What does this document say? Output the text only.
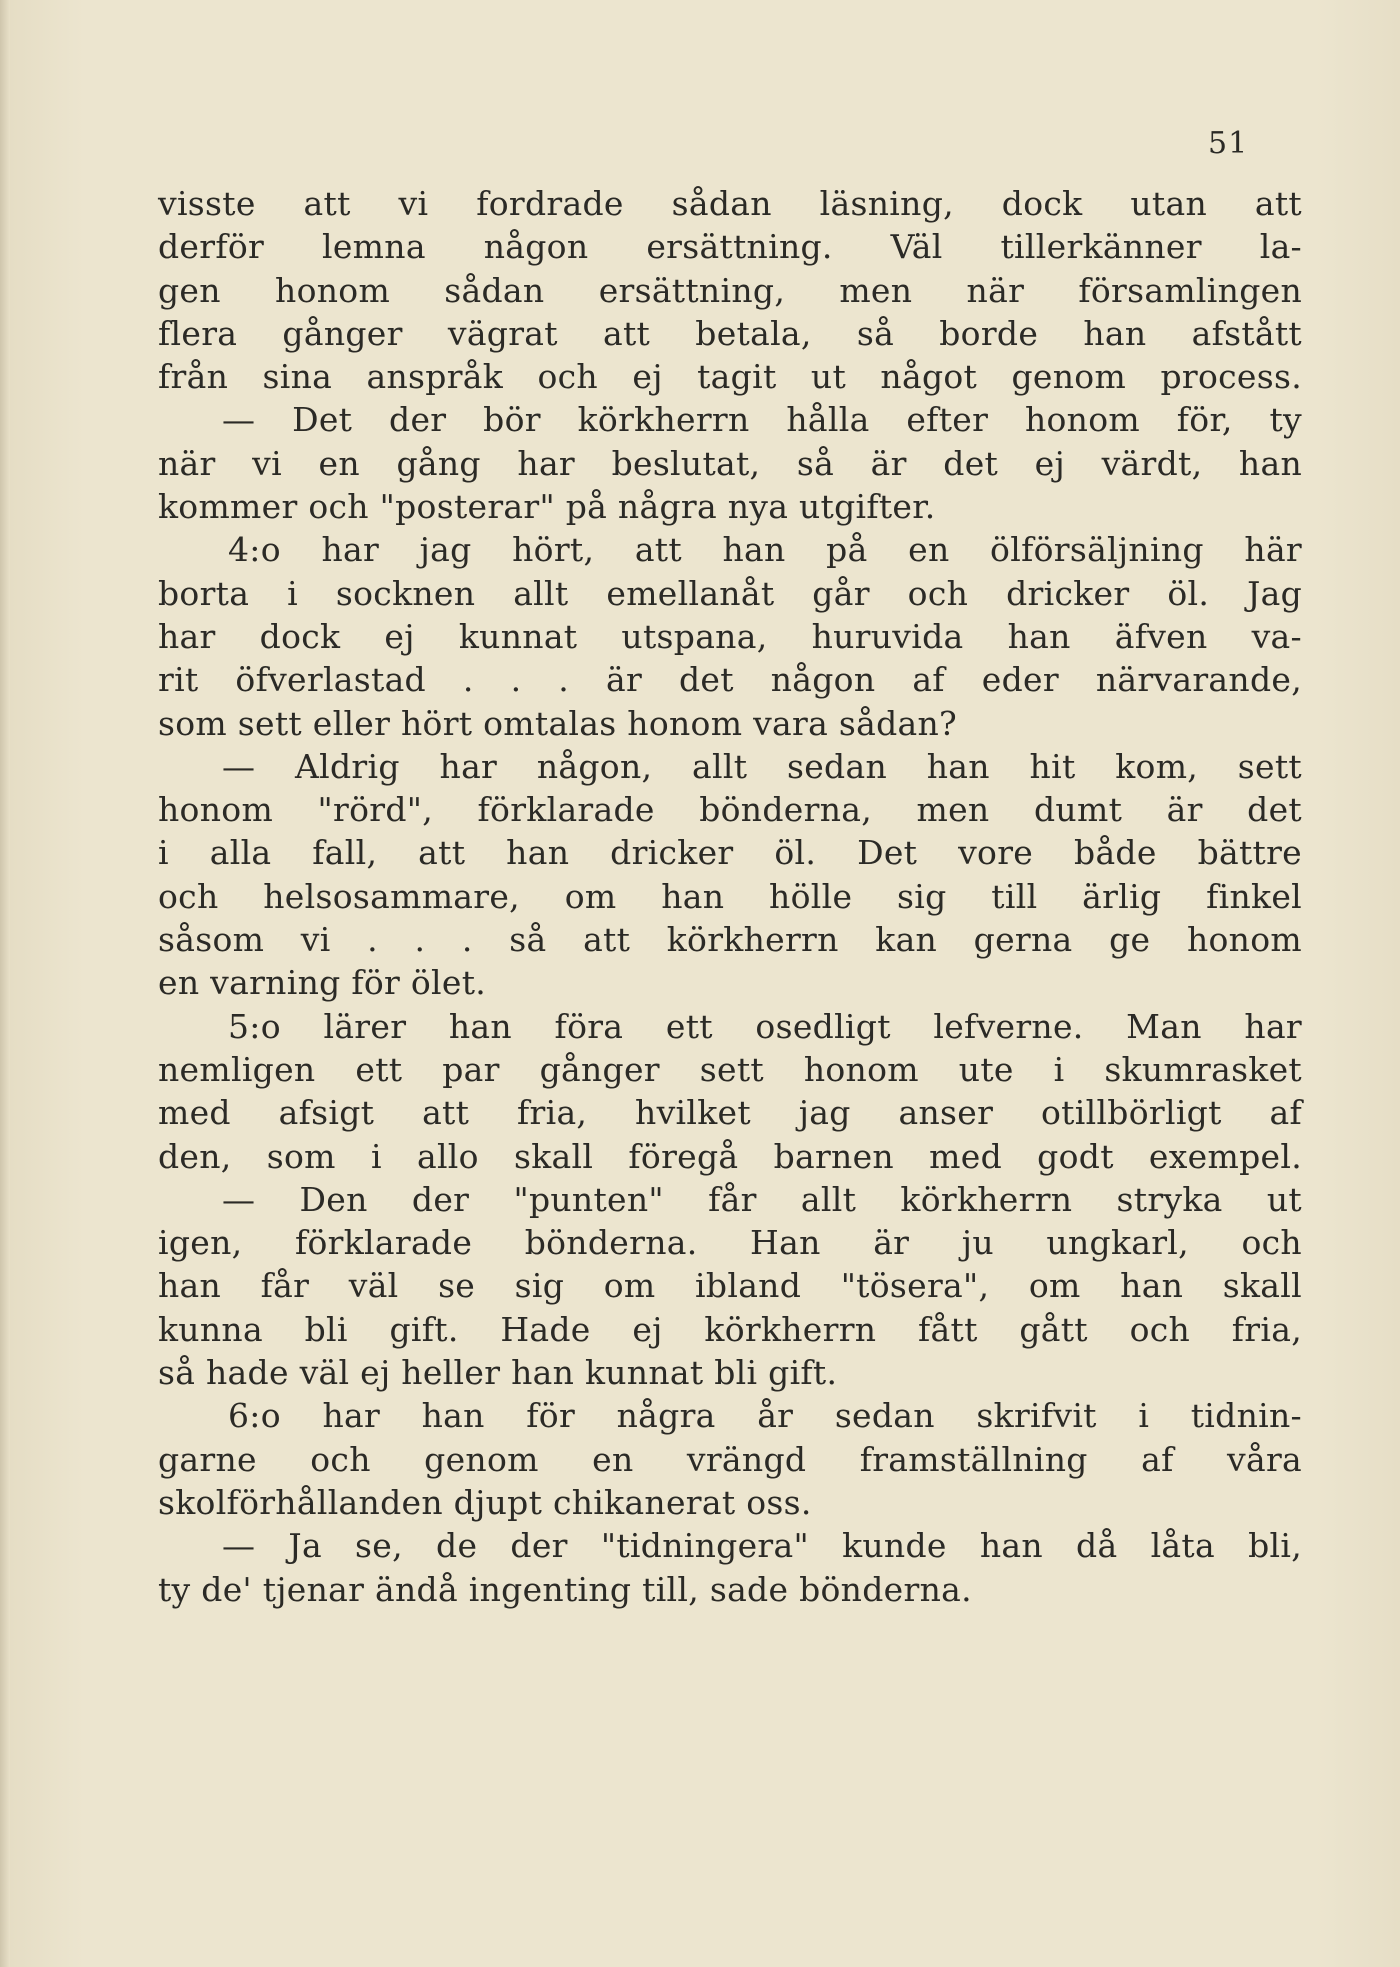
51
visste att vi fordrade sådan läsning, dock utan att
derför lemna någon ersättning. Väl tillerkänner la-
gen honom sådan ersättning, men när församlingen
flera gånger vägrat att betala, så borde han afstått
från sina anspråk och ej tagit ut något genom process.
— Det der bör körkherrn hålla efter honom för, ty
när vi en gång har beslutat, så är det ej värdt, han
kommer och "posterar" på några nya utgifter.
4:o har jag hört, att han på en ölförsäljning här
borta i socknen allt emellanåt går och dricker öl. Jag
har dock ej kunnat utspana, huruvida han äfven va-
rit öfverlastad . . . är det någon af eder närvarande,
som sett eller hört omtalas honom vara sådan?
— Aldrig har någon, allt sedan han hit kom, sett
honom "rörd", förklarade bönderna, men dumt är det
i alla fall, att han dricker öl. Det vore både bättre
och helsosammare, om han hölle sig till ärlig finkel
såsom vi . . . så att körkherrn kan gerna ge honom
en varning för ölet.
5:o lärer han föra ett osedligt lefverne. Man har
nemligen ett par gånger sett honom ute i skumrasket
med afsigt att fria, hvilket jag anser otillbörligt af
den, som i allo skall föregå barnen med godt exempel.
— Den der "punten" får allt körkherrn stryka ut
igen, förklarade bönderna. Han är ju ungkarl, och
han får väl se sig om ibland "tösera", om han skall
kunna bli gift. Hade ej körkherrn fått gått och fria,
så hade väl ej heller han kunnat bli gift.
6:o har han för några år sedan skrifvit i tidnin-
garne och genom en vrängd framställning af våra
skolförhållanden djupt chikanerat oss.
— Ja se, de der "tidningera" kunde han då låta bli,
ty de' tjenar ändå ingenting till, sade bönderna.
